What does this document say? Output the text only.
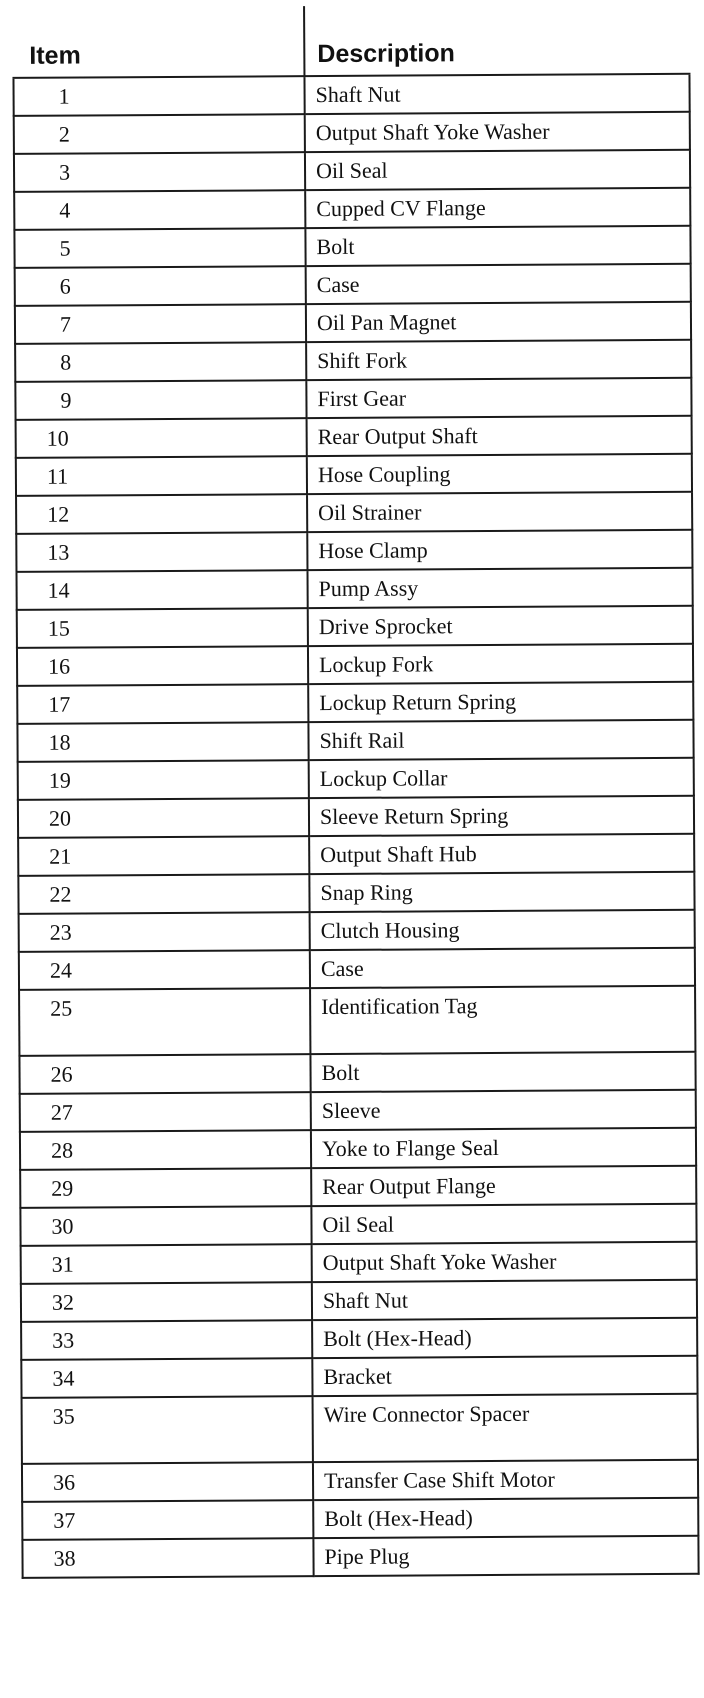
Item	Description
1	Shaft Nut
2	Output Shaft Yoke Washer
3	Oil Seal
4	Cupped CV Flange
5	Bolt
6	Case
7	Oil Pan Magnet
8	Shift Fork
9	First Gear
10	Rear Output Shaft
11	Hose Coupling
12	Oil Strainer
13	Hose Clamp
14	Pump Assy
15	Drive Sprocket
16	Lockup Fork
17	Lockup Return Spring
18	Shift Rail
19	Lockup Collar
20	Sleeve Return Spring
21	Output Shaft Hub
22	Snap Ring
23	Clutch Housing
24	Case
25	Identification Tag
26	Bolt
27	Sleeve
28	Yoke to Flange Seal
29	Rear Output Flange
30	Oil Seal
31	Output Shaft Yoke Washer
32	Shaft Nut
33	Bolt (Hex-Head)
34	Bracket
35	Wire Connector Spacer
36	Transfer Case Shift Motor
37	Bolt (Hex-Head)
38	Pipe Plug
